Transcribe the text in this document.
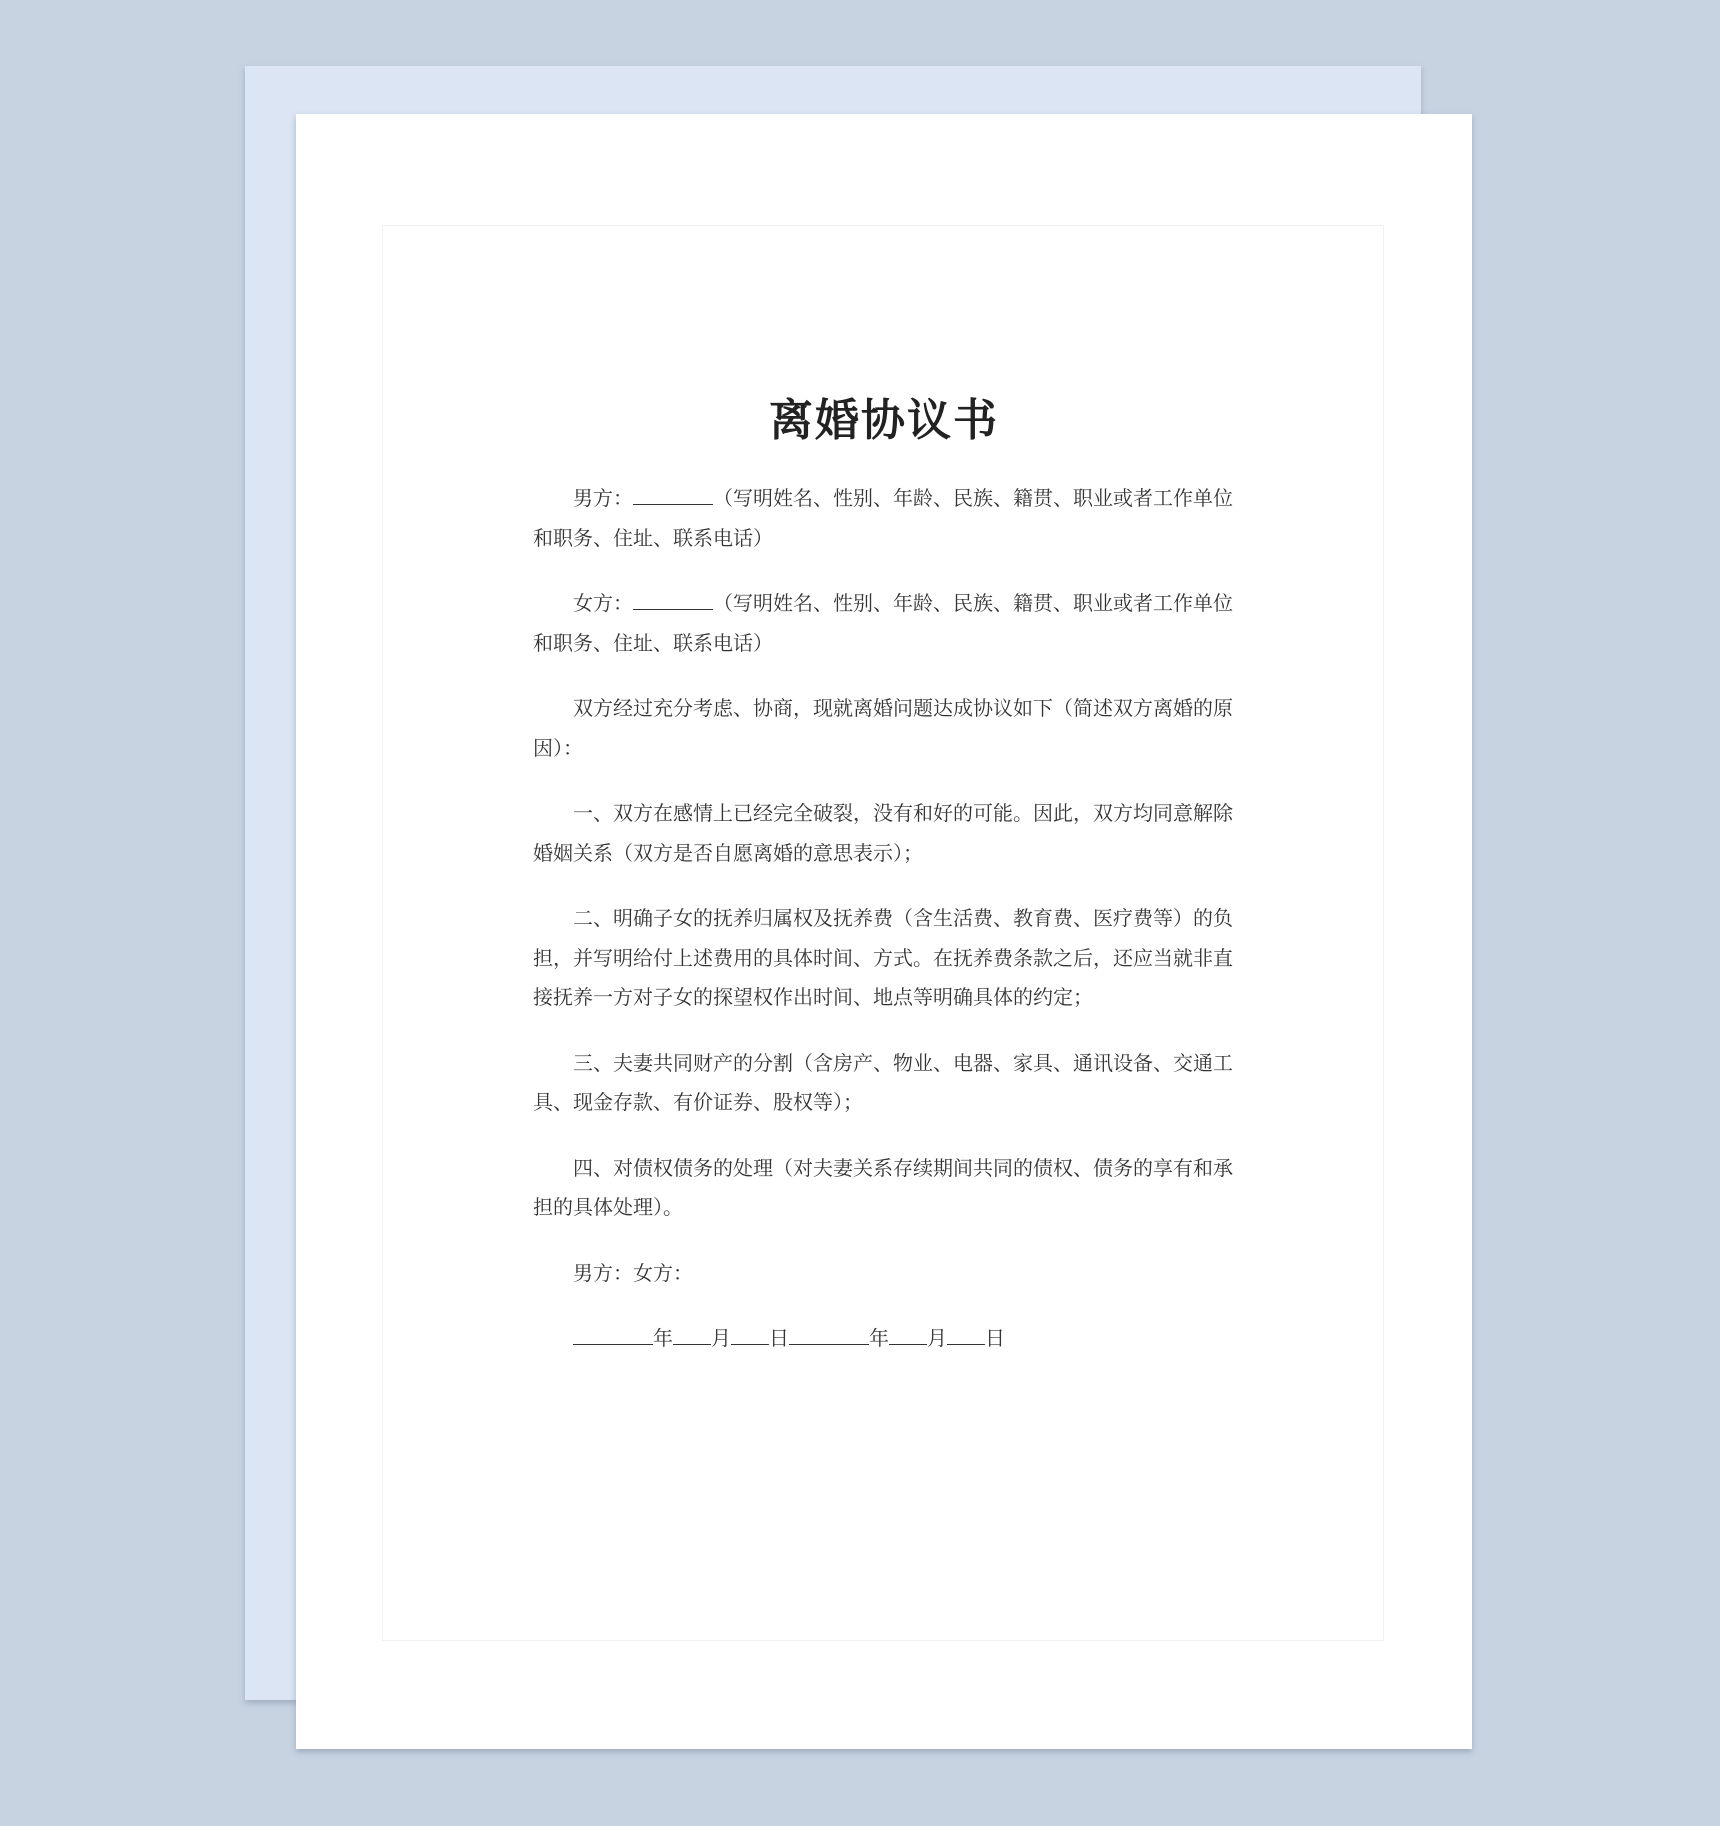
离婚协议书

男方：	（写明姓名、性别、年龄、民族、籍贯、职业或者工作单位和职务、住址、联系电话）

女方：	（写明姓名、性别、年龄、民族、籍贯、职业或者工作单位和职务、住址、联系电话）

双方经过充分考虑、协商，现就离婚问题达成协议如下（简述双方离婚的原因）：

一、双方在感情上已经完全破裂，没有和好的可能。因此，双方均同意解除婚姻关系（双方是否自愿离婚的意思表示）；

二、明确子女的抚养归属权及抚养费（含生活费、教育费、医疗费等）的负担，并写明给付上述费用的具体时间、方式。在抚养费条款之后，还应当就非直接抚养一方对子女的探望权作出时间、地点等明确具体的约定；

三、夫妻共同财产的分割（含房产、物业、电器、家具、通讯设备、交通工具、现金存款、有价证券、股权等）；

四、对债权债务的处理（对夫妻关系存续期间共同的债权、债务的享有和承担的具体处理）。

男方：女方：

年 月 日	年 月 日
